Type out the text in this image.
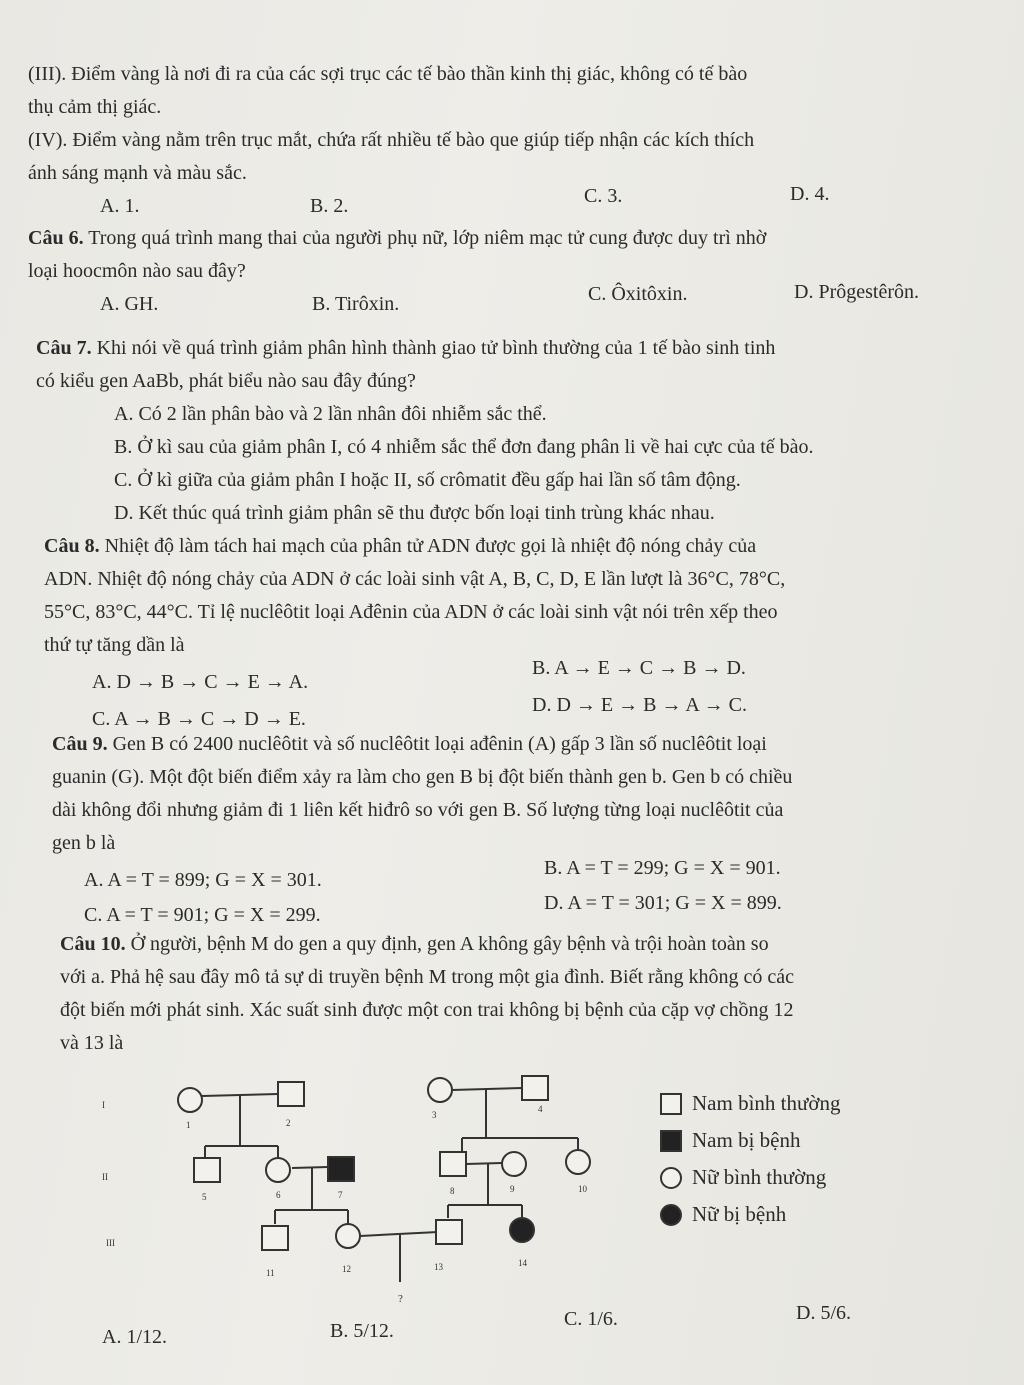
(III). Điểm vàng là nơi đi ra của các sợi trục các tế bào thần kinh thị giác, không có tế bào

thụ cảm thị giác.

(IV). Điểm vàng nằm trên trục mắt, chứa rất nhiều tế bào que giúp tiếp nhận các kích thích

ánh sáng mạnh và màu sắc.

A. 1.	B. 2.	C. 3.	D. 4.

Câu 6. Trong quá trình mang thai của người phụ nữ, lớp niêm mạc tử cung được duy trì nhờ

loại hoocmôn nào sau đây?

A. GH.	B. Tirôxin.	C. Ôxitôxin.	D. Prôgestêrôn.

Câu 7. Khi nói về quá trình giảm phân hình thành giao tử bình thường của 1 tế bào sinh tinh

có kiểu gen AaBb, phát biểu nào sau đây đúng?

A. Có 2 lần phân bào và 2 lần nhân đôi nhiễm sắc thể.

B. Ở kì sau của giảm phân I, có 4 nhiễm sắc thể đơn đang phân li về hai cực của tế bào.

C. Ở kì giữa của giảm phân I hoặc II, số crômatit đều gấp hai lần số tâm động.

D. Kết thúc quá trình giảm phân sẽ thu được bốn loại tinh trùng khác nhau.

Câu 8. Nhiệt độ làm tách hai mạch của phân tử ADN được gọi là nhiệt độ nóng chảy của

ADN. Nhiệt độ nóng chảy của ADN ở các loài sinh vật A, B, C, D, E lần lượt là 36°C, 78°C,

55°C, 83°C, 44°C. Tỉ lệ nuclêôtit loại Ađênin của ADN ở các loài sinh vật nói trên xếp theo

thứ tự tăng dần là

A. D → B → C → E → A.
B. A → E → C → B → D.
C. A → B → C → D → E.
D. D → E → B → A → C.

Câu 9. Gen B có 2400 nuclêôtit và số nuclêôtit loại ađênin (A) gấp 3 lần số nuclêôtit loại

guanin (G). Một đột biến điểm xảy ra làm cho gen B bị đột biến thành gen b. Gen b có chiều

dài không đổi nhưng giảm đi 1 liên kết hiđrô so với gen B. Số lượng từng loại nuclêôtit của

gen b là

A. A = T = 899; G = X = 301.
B. A = T = 299; G = X = 901.
C. A = T = 901; G = X = 299.
D. A = T = 301; G = X = 899.

Câu 10. Ở người, bệnh M do gen a quy định, gen A không gây bệnh và trội hoàn toàn so

với a. Phả hệ sau đây mô tả sự di truyền bệnh M trong một gia đình. Biết rằng không có các

đột biến mới phát sinh. Xác suất sinh được một con trai không bị bệnh của cặp vợ chồng 12

và 13 là

I
II
III
1	2
3
4
5	6	7	8	9	10
11	12	13	14
?
Nam bình thường
Nam bị bệnh
Nữ bình thường
Nữ bị bệnh
A. 1/12.	B. 5/12.
C. 1/6.	D. 5/6.
